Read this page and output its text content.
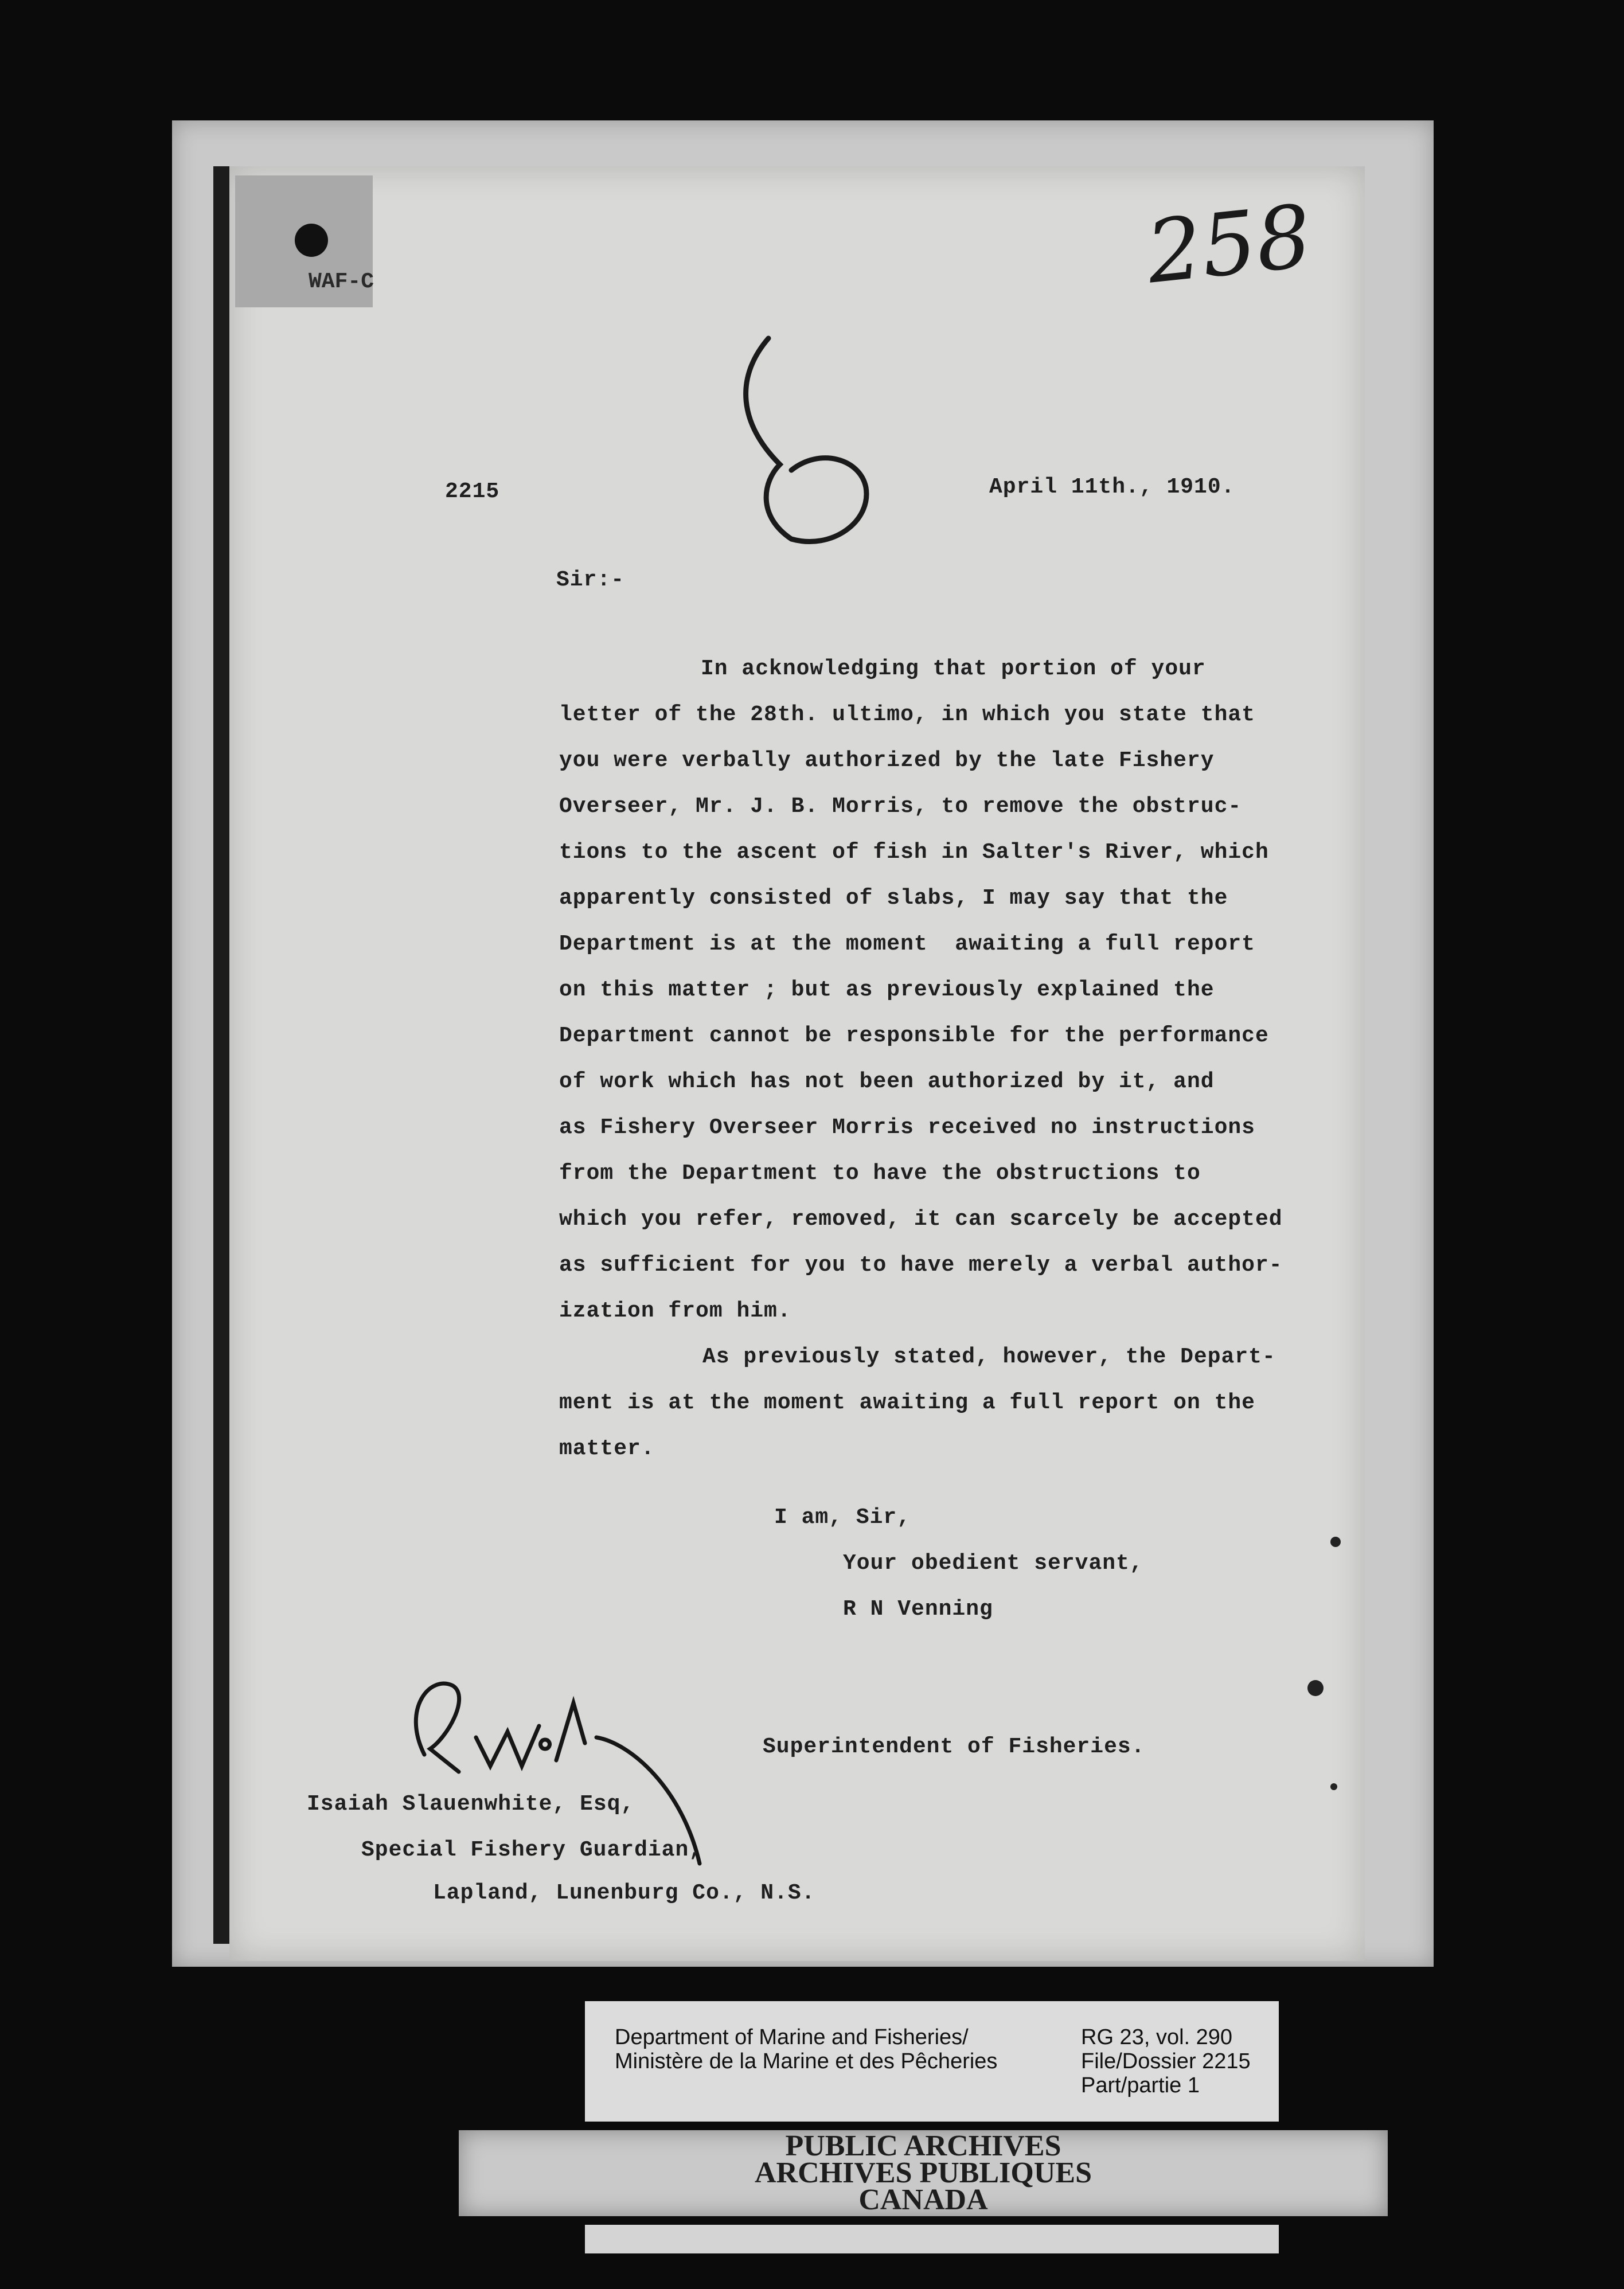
WAF-C	258
2215	April 11th., 1910.
Sir:-
In acknowledging that portion of your
letter of the 28th. ultimo, in which you state that
you were verbally authorized by the late Fishery
Overseer, Mr. J. B. Morris, to remove the obstruc-
tions to the ascent of fish in Salter's River, which
apparently consisted of slabs, I may say that the
Department is at the moment  awaiting a full report
on this matter ; but as previously explained the
Department cannot be responsible for the performance
of work which has not been authorized by it, and
as Fishery Overseer Morris received no instructions
from the Department to have the obstructions to
which you refer, removed, it can scarcely be accepted
as sufficient for you to have merely a verbal author-
ization from him.
As previously stated, however, the Depart-
ment is at the moment awaiting a full report on the
matter.
I am, Sir,
Your obedient servant,
R N Venning
Superintendent of Fisheries.
Isaiah Slauenwhite, Esq,
Special Fishery Guardian,
Lapland, Lunenburg Co., N.S.
Department of Marine and Fisheries/
Ministère de la Marine et des Pêcheries
RG 23, vol. 290
File/Dossier 2215
Part/partie 1
PUBLIC ARCHIVES
ARCHIVES PUBLIQUES
CANADA
